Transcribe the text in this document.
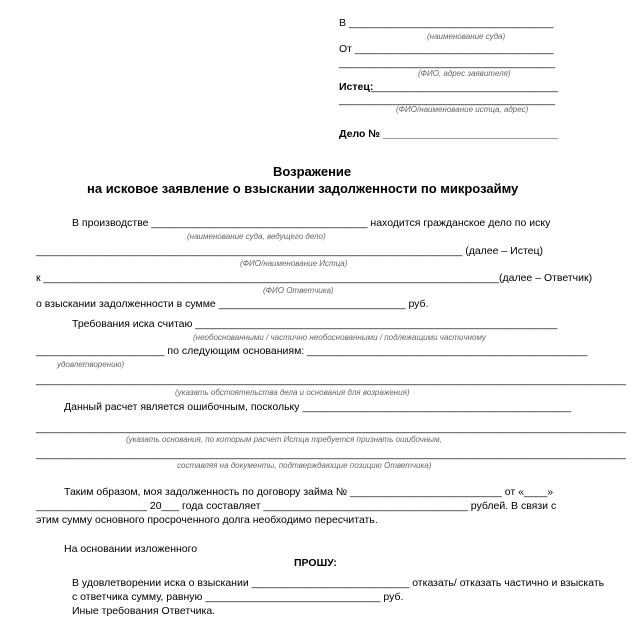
В ___________________________________
(наименование суда)
От __________________________________
_____________________________________
(ФИО, адрес заявителя)
Истец:
________________________________
_____________________________________
(ФИО/наименование истца, адрес)
Дело № ______________________________
Возражение
на исковое заявление о взыскании задолженности по микрозайму
В производстве _____________________________________ находится гражданское дело по иску
(наименование суда, ведущего дело)
_________________________________________________________________________ (далее – Истец)
(ФИО/наименование Истца)
к ______________________________________________________________________________(далее – Ответчик)
(ФИО Ответчика)
о взыскании задолженности в сумме ________________________________ руб.
Требования иска считаю ______________________________________________________________
(необоснованными / частично необоснованными / подлежащими частичному
______________________ по следующим основаниям: ________________________________________________
удовлетворению)
_____________________________________________________________________________________________________
(указать обстоятельства дела и основания для возражения)
Данный расчет является ошибочным, поскольку ______________________________________________
_____________________________________________________________________________________________________
(указать основания, по которым расчет Истца требуется признать ошибочным,
_____________________________________________________________________________________________________
составляя на документы, подтверждающие позицию Ответчика)
Таким образом, моя задолженность по договору займа № __________________________ от «____»
___________________ 20___ года составляет ___________________________________ рублей. В связи с
этим сумму основного просроченного долга необходимо пересчитать.
На основании изложенного
ПРОШУ:
В удовлетворении иска о взыскании ___________________________ отказать/ отказать частично и взыскать
с ответчика сумму, равную ______________________________ руб.
Иные требования Ответчика.
